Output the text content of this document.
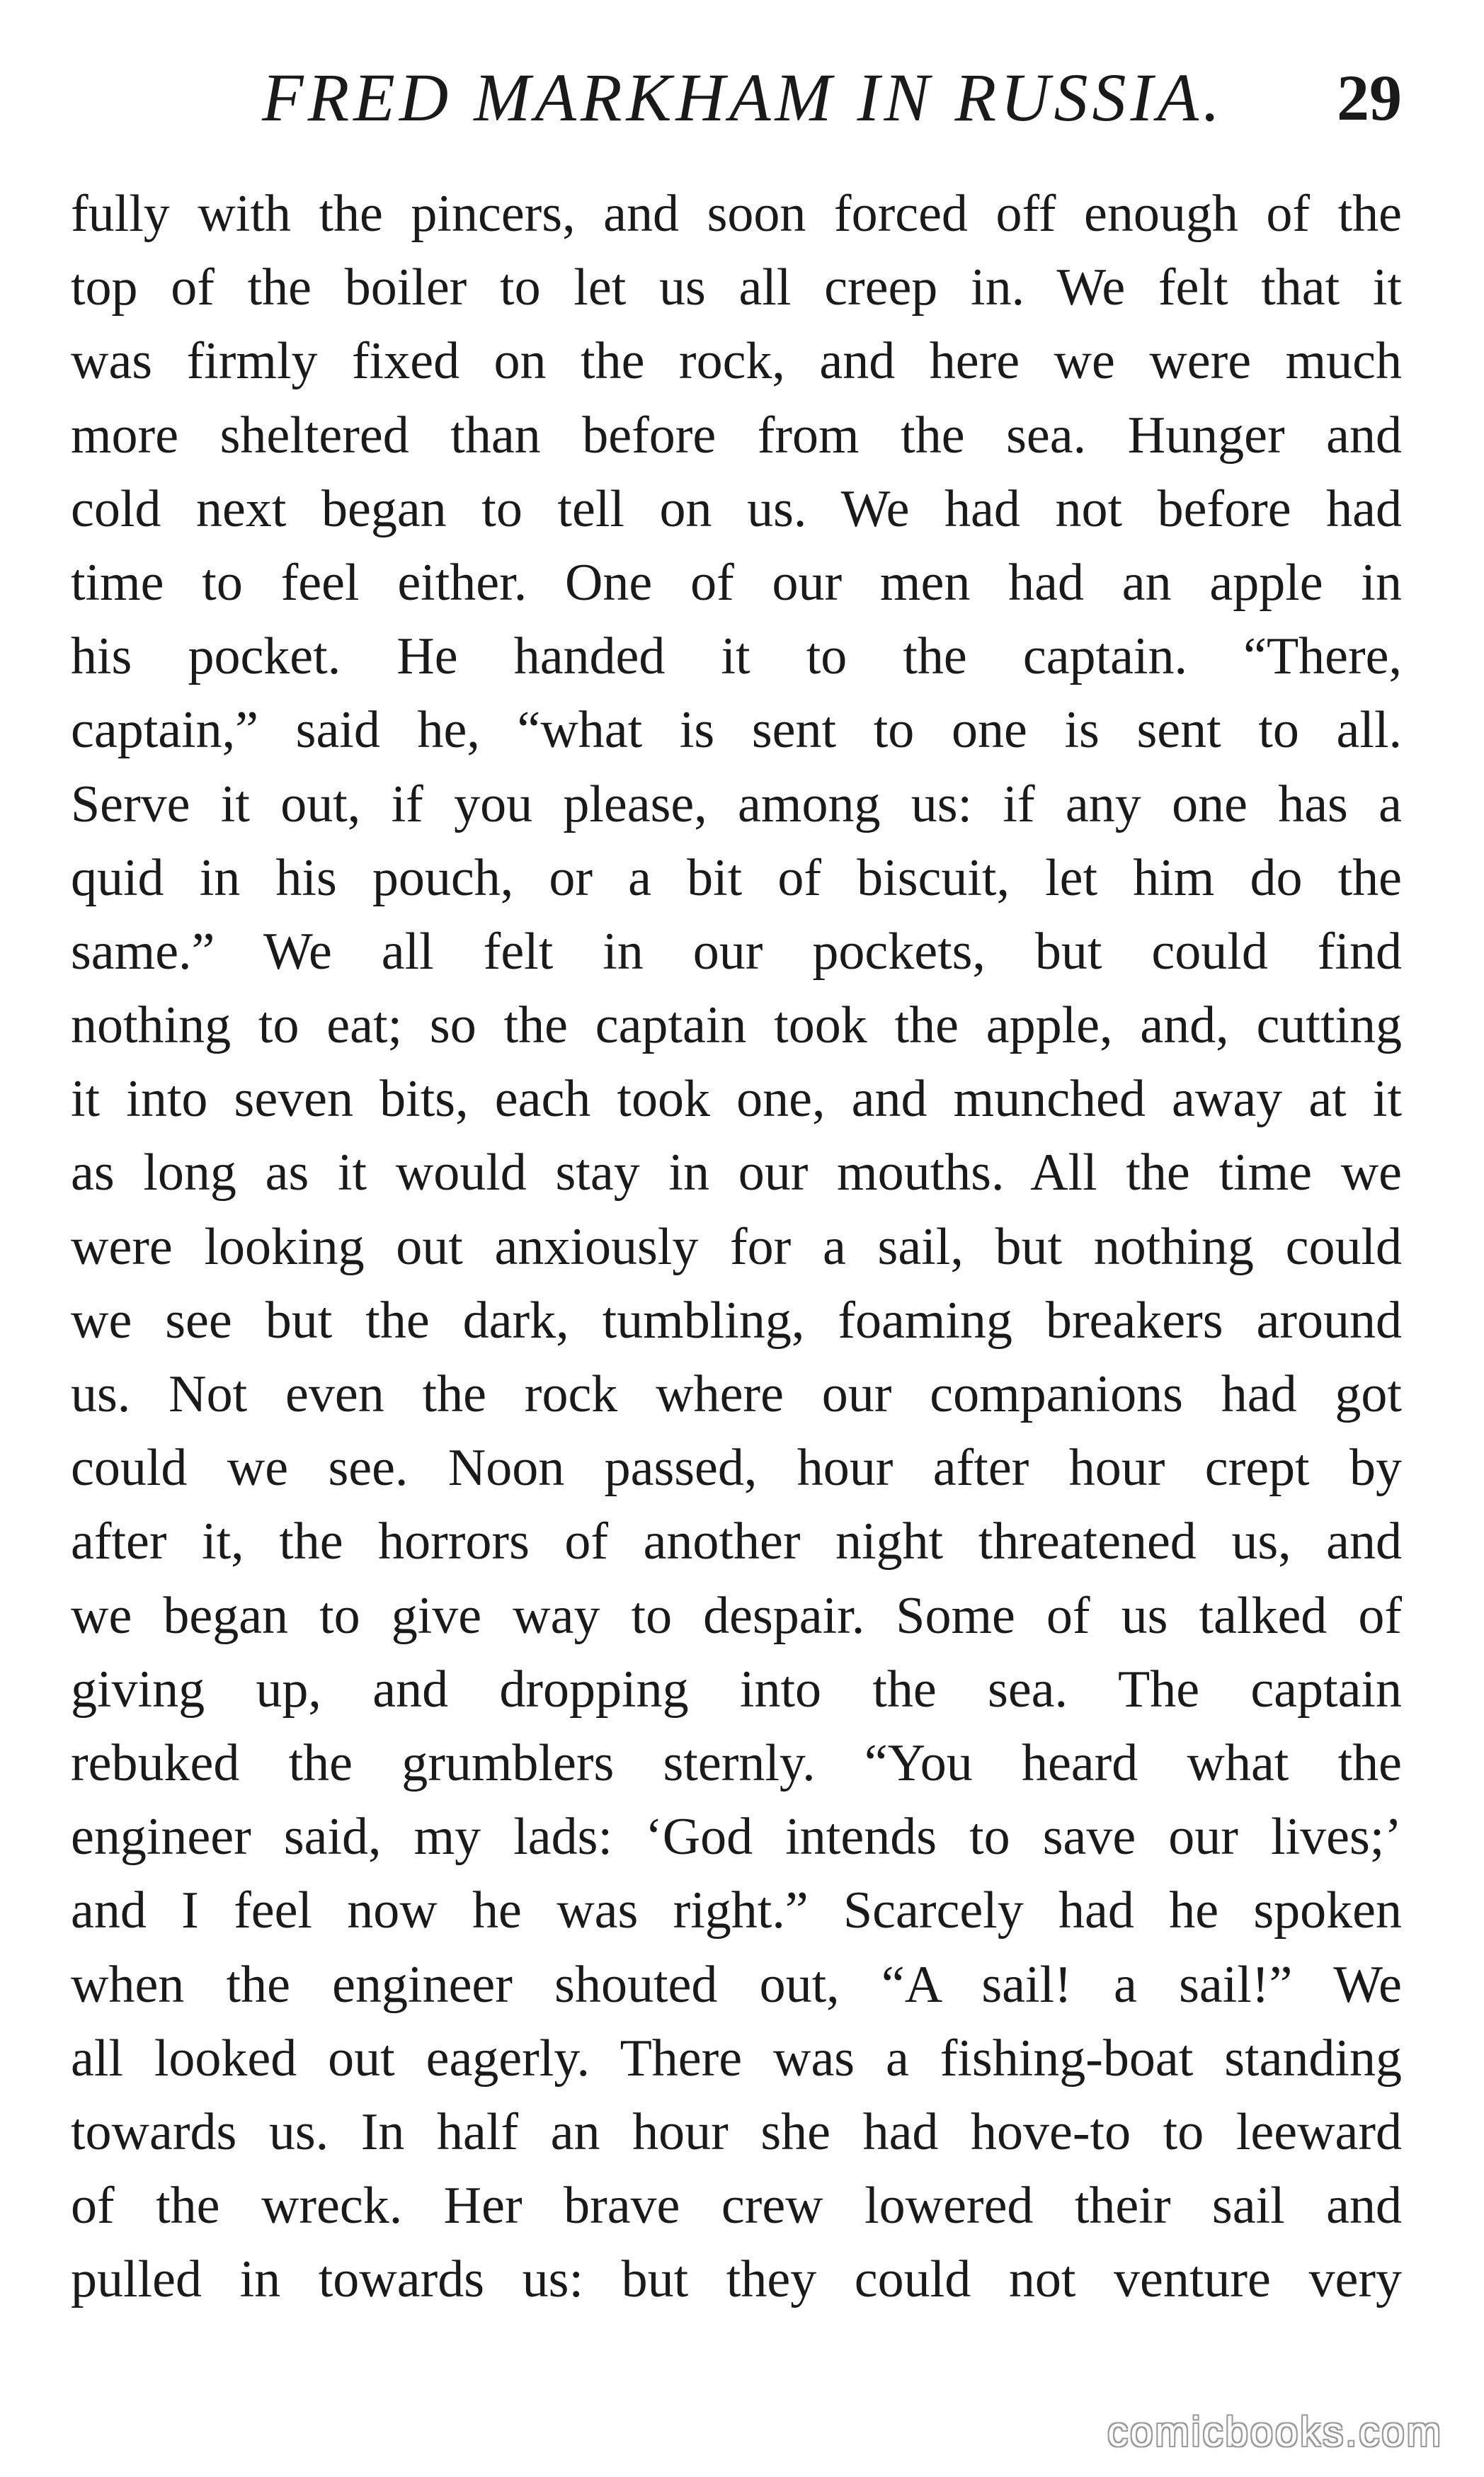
FRED MARKHAM IN RUSSIA. 29
fully with the pincers, and soon forced off enough of the
top of the boiler to let us all creep in. We felt that it
was firmly fixed on the rock, and here we were much
more sheltered than before from the sea. Hunger and
cold next began to tell on us. We had not before had
time to feel either. One of our men had an apple in
his pocket. He handed it to the captain. “There,
captain,” said he, “what is sent to one is sent to all.
Serve it out, if you please, among us: if any one has a
quid in his pouch, or a bit of biscuit, let him do the
same.” We all felt in our pockets, but could find
nothing to eat; so the captain took the apple, and, cutting
it into seven bits, each took one, and munched away at it
as long as it would stay in our mouths. All the time we
were looking out anxiously for a sail, but nothing could
we see but the dark, tumbling, foaming breakers around
us. Not even the rock where our companions had got
could we see. Noon passed, hour after hour crept by
after it, the horrors of another night threatened us, and
we began to give way to despair. Some of us talked of
giving up, and dropping into the sea. The captain
rebuked the grumblers sternly. “You heard what the
engineer said, my lads: ‘God intends to save our lives;’
and I feel now he was right.” Scarcely had he spoken
when the engineer shouted out, “A sail! a sail!” We
all looked out eagerly. There was a fishing-boat standing
towards us. In half an hour she had hove-to to leeward
of the wreck. Her brave crew lowered their sail and
pulled in towards us: but they could not venture very
comicbooks.com
